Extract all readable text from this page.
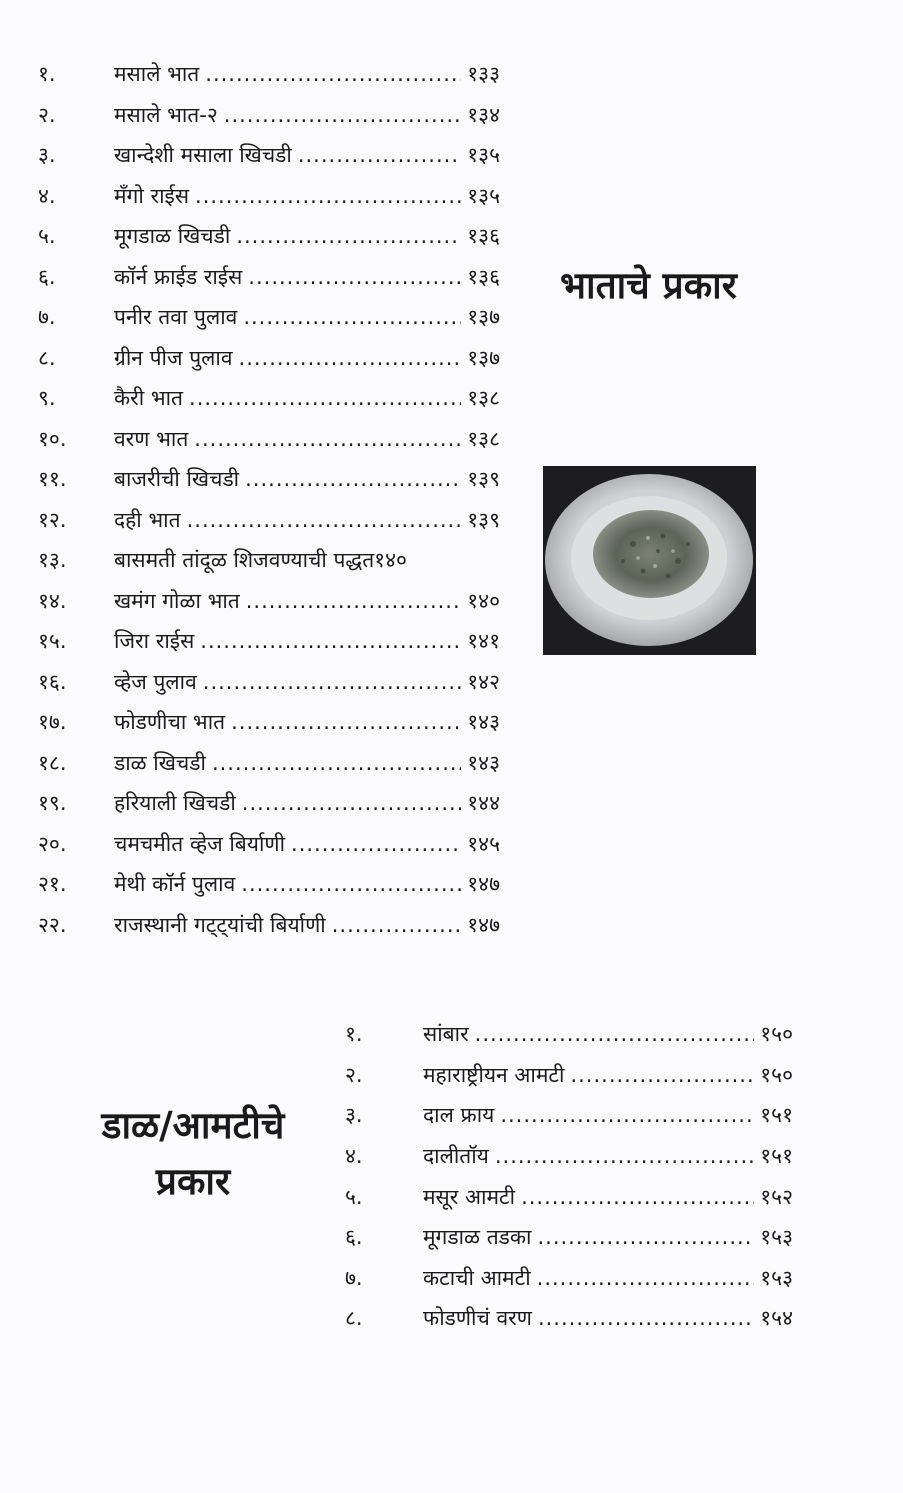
१.	मसाले भात .....	१३३
२.	मसाले भात-२ .....	१३४
३.	खान्देशी मसाला खिचडी .....	१३५
४.	मँगो राईस .....	१३५
५.	मूगडाळ खिचडी .....	१३६
६.	कॉर्न फ्राईड राईस .....	१३६
७.	पनीर तवा पुलाव .....	१३७
८.	ग्रीन पीज पुलाव .....	१३७
९.	कैरी भात .....	१३८
१०.	वरण भात .....	१३८
११.	बाजरीची खिचडी .....	१३९
१२.	दही भात .....	१३९
१३.	बासमती तांदूळ शिजवण्याची पद्धत १४०
१४.	खमंग गोळा भात .....	१४०
१५.	जिरा राईस .....	१४१
१६.	व्हेज पुलाव .....	१४२
१७.	फोडणीचा भात .....	१४३
१८.	डाळ खिचडी .....	१४३
१९.	हरियाली खिचडी .....	१४४
२०.	चमचमीत व्हेज बिर्याणी .....	१४५
२१.	मेथी कॉर्न पुलाव .....	१४७
२२.	राजस्थानी गट्ट्यांची बिर्याणी .....	१४७
भाताचे प्रकार
डाळ/आमटीचे
प्रकार
१.	सांबार .....	१५०
२.	महाराष्ट्रीयन आमटी .....	१५०
३.	दाल फ्राय .....	१५१
४.	दालीतॉय .....	१५१
५.	मसूर आमटी .....	१५२
६.	मूगडाळ तडका .....	१५३
७.	कटाची आमटी .....	१५३
८.	फोडणीचं वरण .....	१५४
